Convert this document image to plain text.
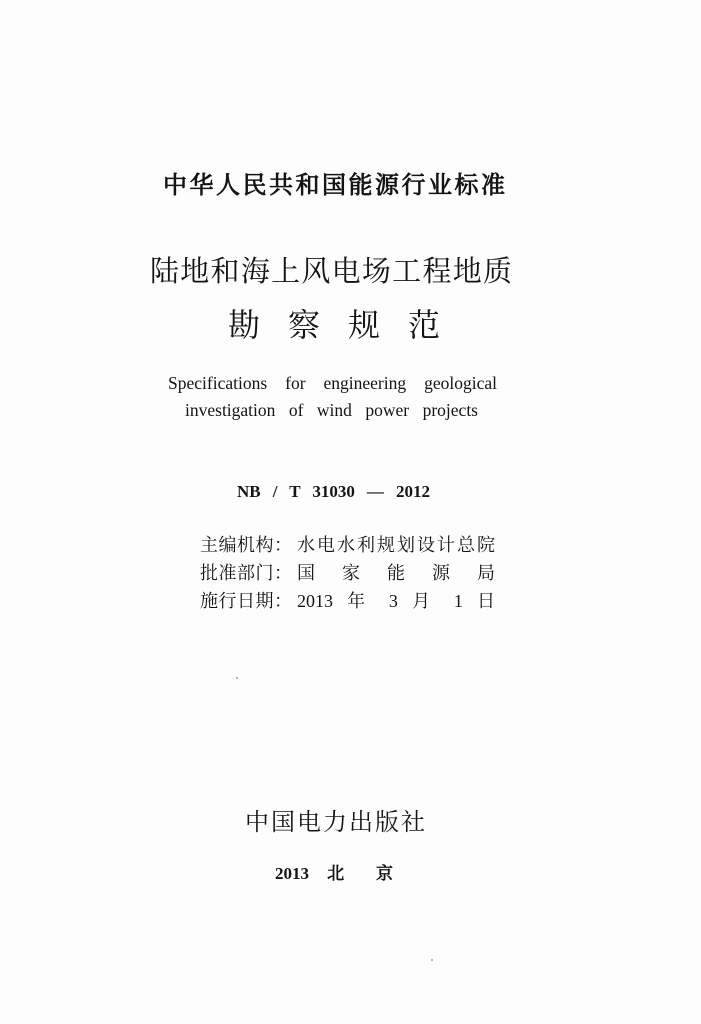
中华人民共和国能源行业标准
陆地和海上风电场工程地质
勘 察 规 范
Specifications for engineering geological
investigation of wind power projects
NB / T 31030 — 2012
主编机构： 水电水利规划设计总院
批准部门： 国 家 能 源 局
施行日期： 2013 年 3 月 1 日
中国电力出版社
2013 北 京
